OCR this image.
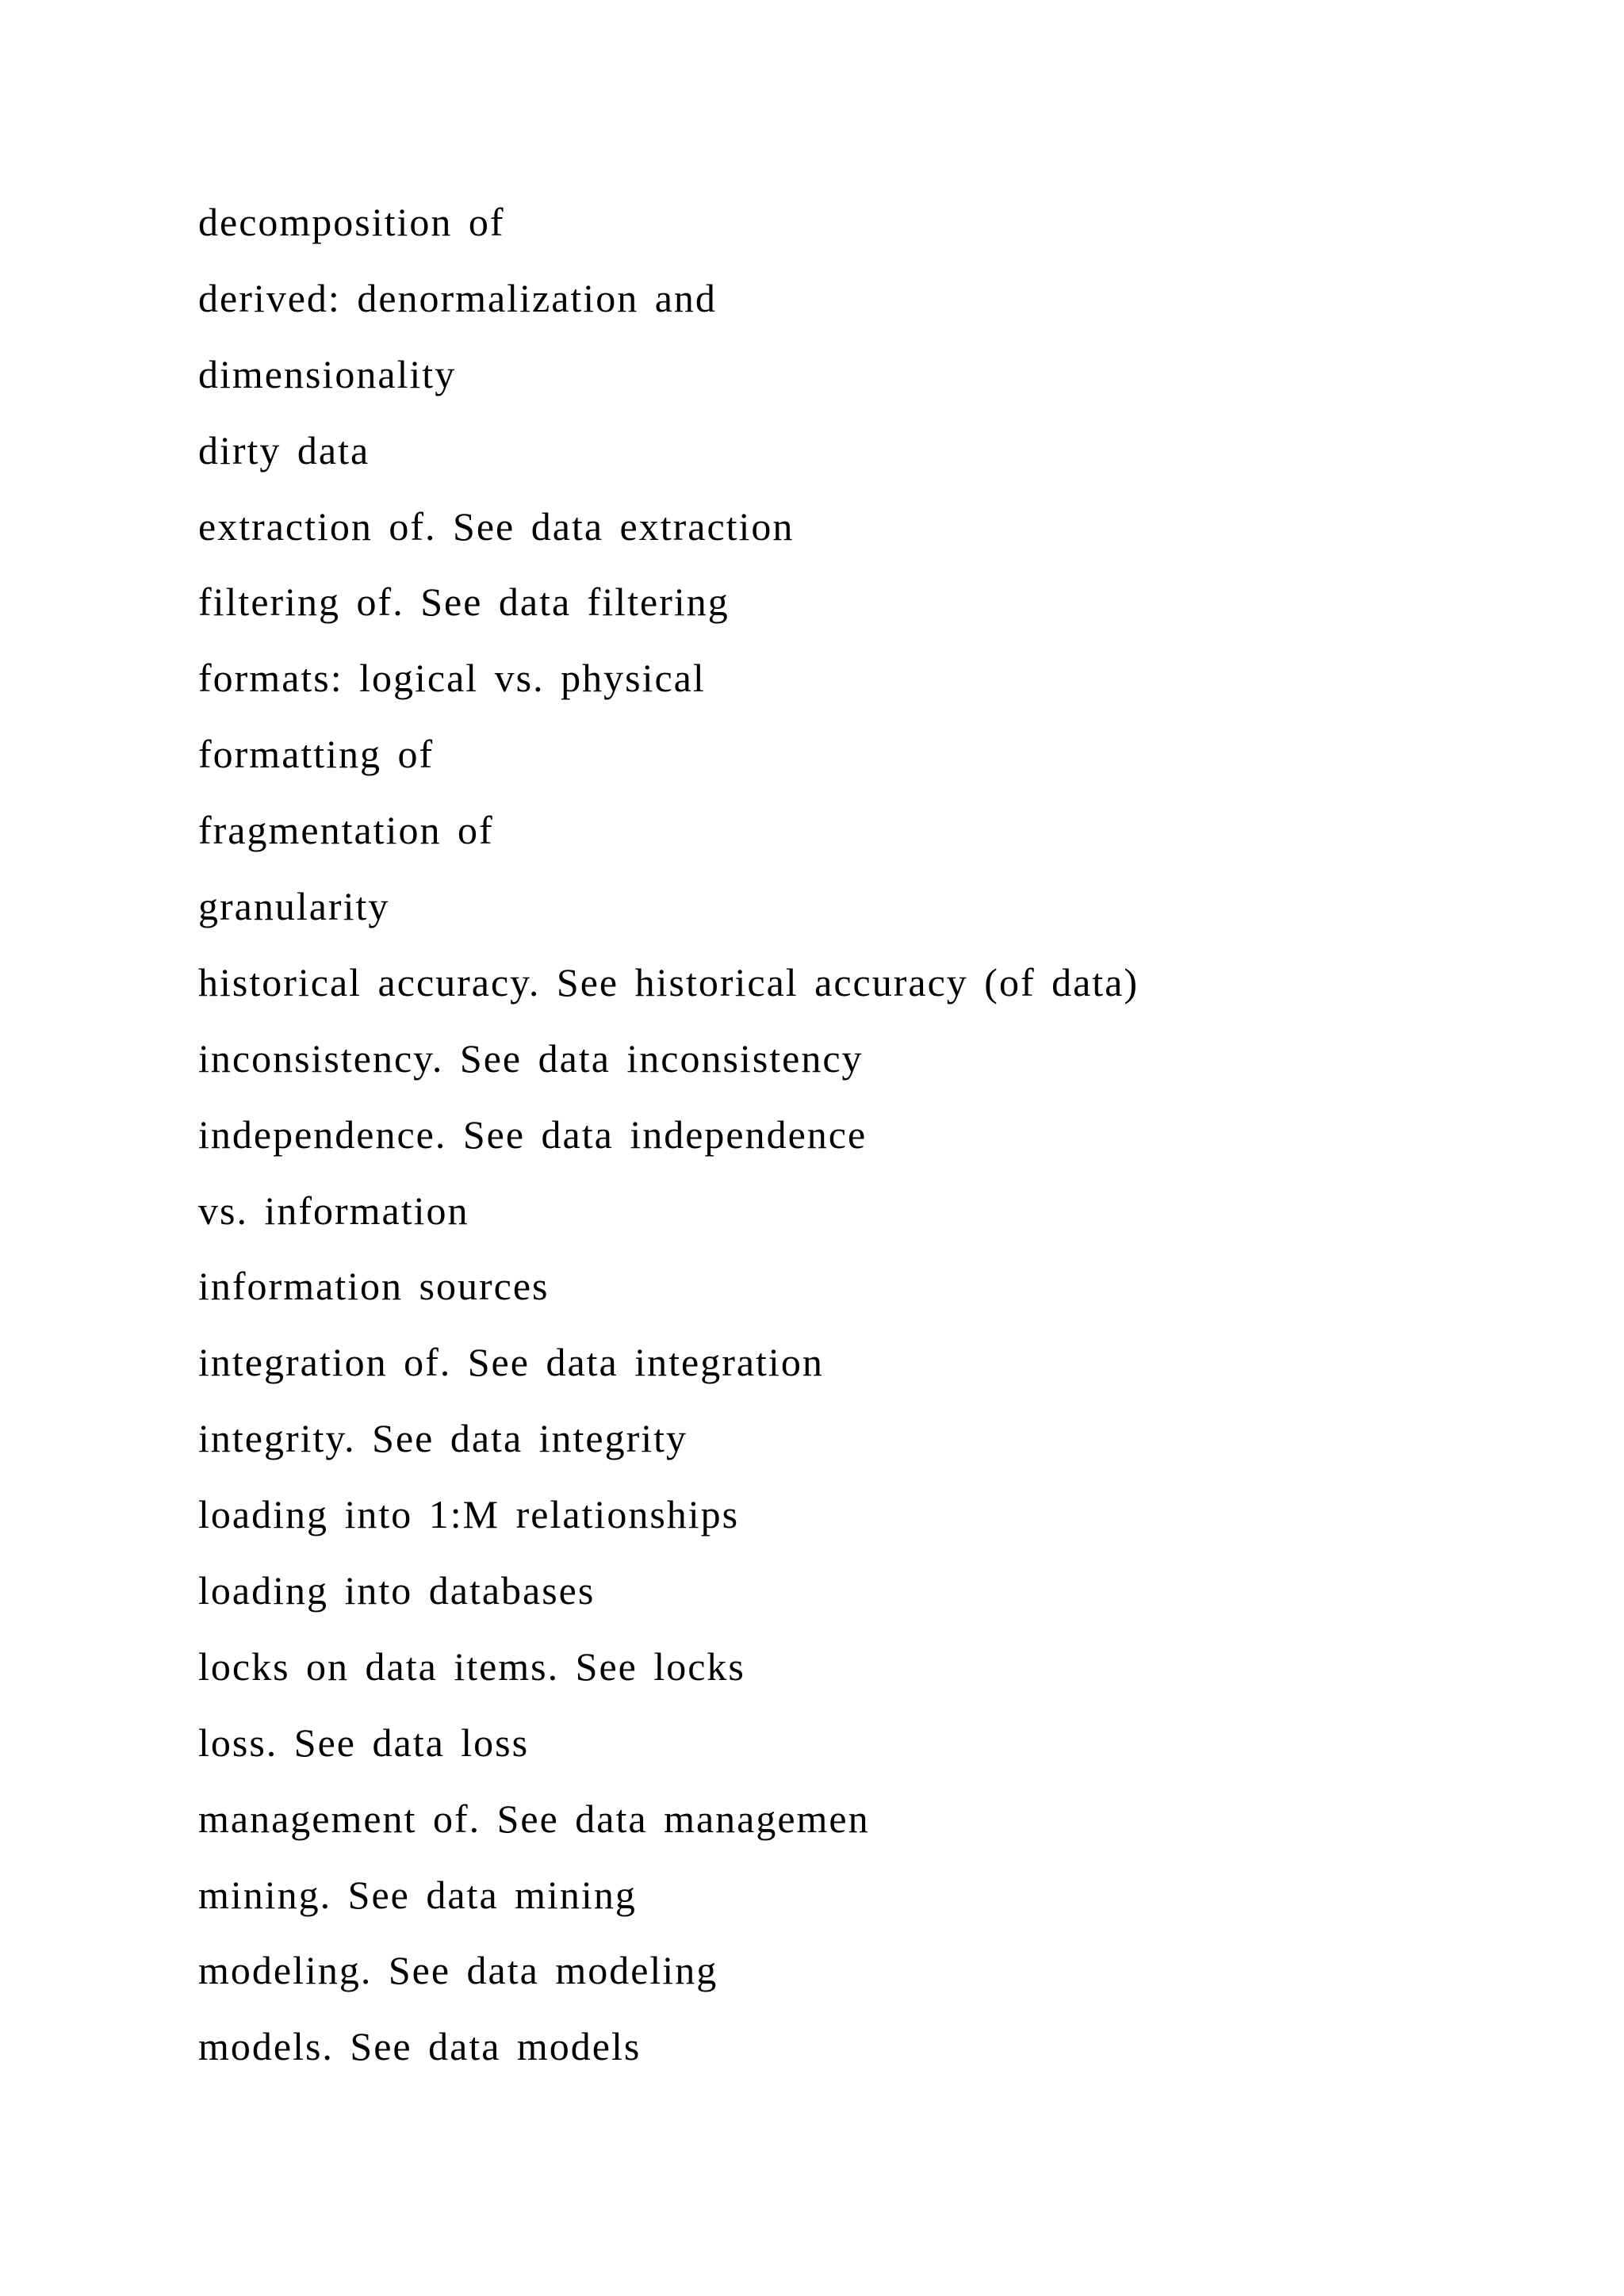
decomposition of
derived: denormalization and
dimensionality
dirty data
extraction of. See data extraction
filtering of. See data filtering
formats: logical vs. physical
formatting of
fragmentation of
granularity
historical accuracy. See historical accuracy (of data)
inconsistency. See data inconsistency
independence. See data independence
vs. information
information sources
integration of. See data integration
integrity. See data integrity
loading into 1:M relationships
loading into databases
locks on data items. See locks
loss. See data loss
management of. See data managemen
mining. See data mining
modeling. See data modeling
models. See data models
